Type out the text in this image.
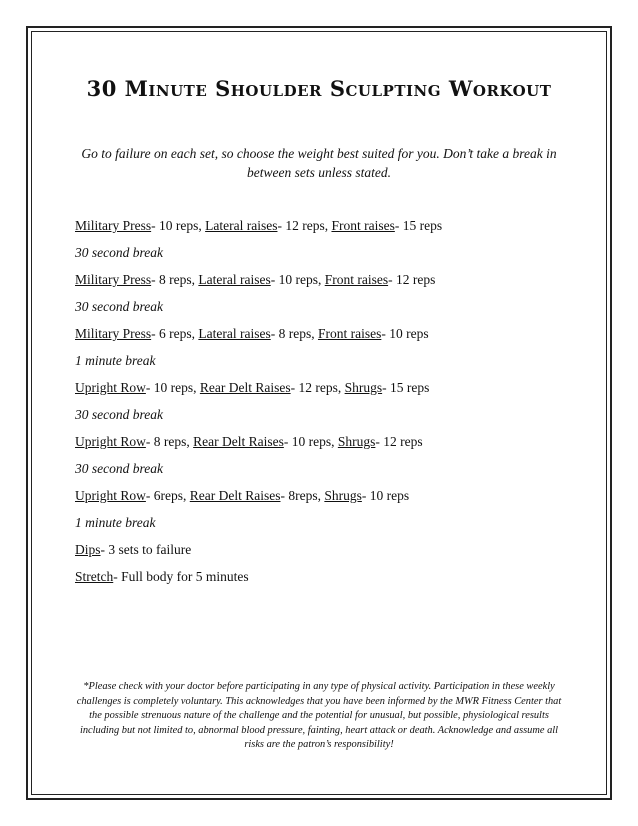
30 Minute Shoulder Sculpting Workout

Go to failure on each set, so choose the weight best suited for you. Don’t take a break in between sets unless stated.

Military Press- 10 reps, Lateral raises- 12 reps, Front raises- 15 reps
30 second break
Military Press- 8 reps, Lateral raises- 10 reps, Front raises- 12 reps
30 second break
Military Press- 6 reps, Lateral raises- 8 reps, Front raises- 10 reps
1 minute break
Upright Row- 10 reps, Rear Delt Raises- 12 reps, Shrugs- 15 reps
30 second break
Upright Row- 8 reps, Rear Delt Raises- 10 reps, Shrugs- 12 reps
30 second break
Upright Row- 6reps, Rear Delt Raises- 8reps, Shrugs- 10 reps
1 minute break
Dips- 3 sets to failure
Stretch- Full body for 5 minutes

*Please check with your doctor before participating in any type of physical activity. Participation in these weekly challenges is completely voluntary. This acknowledges that you have been informed by the MWR Fitness Center that the possible strenuous nature of the challenge and the potential for unusual, but possible, physiological results including but not limited to, abnormal blood pressure, fainting, heart attack or death. Acknowledge and assume all risks are the patron’s responsibility!
